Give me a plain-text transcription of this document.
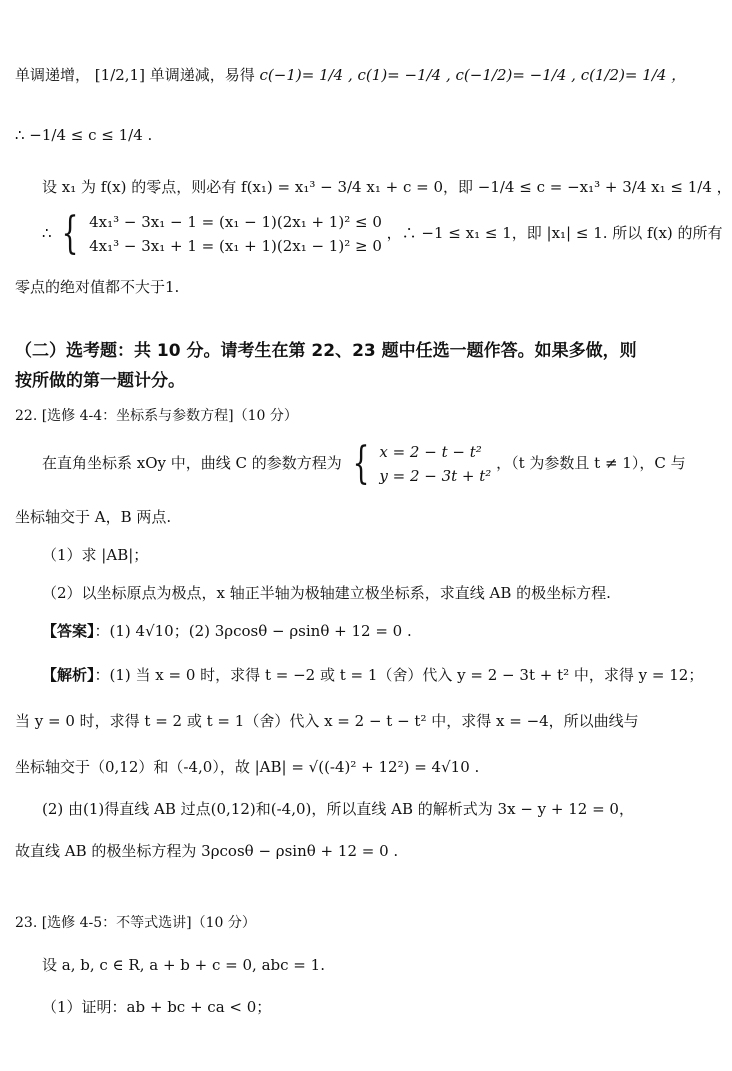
单调递增， [1/2,1] 单调递减，易得 c(−1)= 1/4 , c(1)= −1/4 , c(−1/2)= −1/4 , c(1/2)= 1/4 ，
∴ −1/4 ≤ c ≤ 1/4 .
设 x₁ 为 f(x) 的零点，则必有 f(x₁) = x₁³ − 3/4 x₁ + c = 0，即 −1/4 ≤ c = −x₁³ + 3/4 x₁ ≤ 1/4 ，
∴ { 4x₁³ − 3x₁ − 1 = (x₁ − 1)(2x₁ + 1)² ≤ 0
4x₁³ − 3x₁ + 1 = (x₁ + 1)(2x₁ − 1)² ≥ 0
，∴ −1 ≤ x₁ ≤ 1，即 |x₁| ≤ 1. 所以 f(x) 的所有
零点的绝对值都不大于1.
（二）选考题：共 10 分。请考生在第 22、23 题中任选一题作答。如果多做，则
按所做的第一题计分。
22. [选修 4-4：坐标系与参数方程]（10 分）
在直角坐标系 xOy 中，曲线 C 的参数方程为 { x = 2 − t − t²
y = 2 − 3t + t²
，（t 为参数且 t ≠ 1），C 与
坐标轴交于 A，B 两点.
（1）求 |AB|；
（2）以坐标原点为极点，x 轴正半轴为极轴建立极坐标系，求直线 AB 的极坐标方程.
【答案】：(1) 4√10；(2) 3ρcosθ − ρsinθ + 12 = 0 .
【解析】：(1) 当 x = 0 时，求得 t = −2 或 t = 1（舍）代入 y = 2 − 3t + t² 中，求得 y = 12；
当 y = 0 时，求得 t = 2 或 t = 1（舍）代入 x = 2 − t − t² 中，求得 x = −4，所以曲线与
坐标轴交于（0,12）和（-4,0），故 |AB| = √((-4)² + 12²) = 4√10 .
(2) 由(1)得直线 AB 过点(0,12)和(-4,0)，所以直线 AB 的解析式为 3x − y + 12 = 0，
故直线 AB 的极坐标方程为 3ρcosθ − ρsinθ + 12 = 0 .
23. [选修 4-5：不等式选讲]（10 分）
设 a, b, c ∈ R, a + b + c = 0, abc = 1.
（1）证明：ab + bc + ca < 0；
